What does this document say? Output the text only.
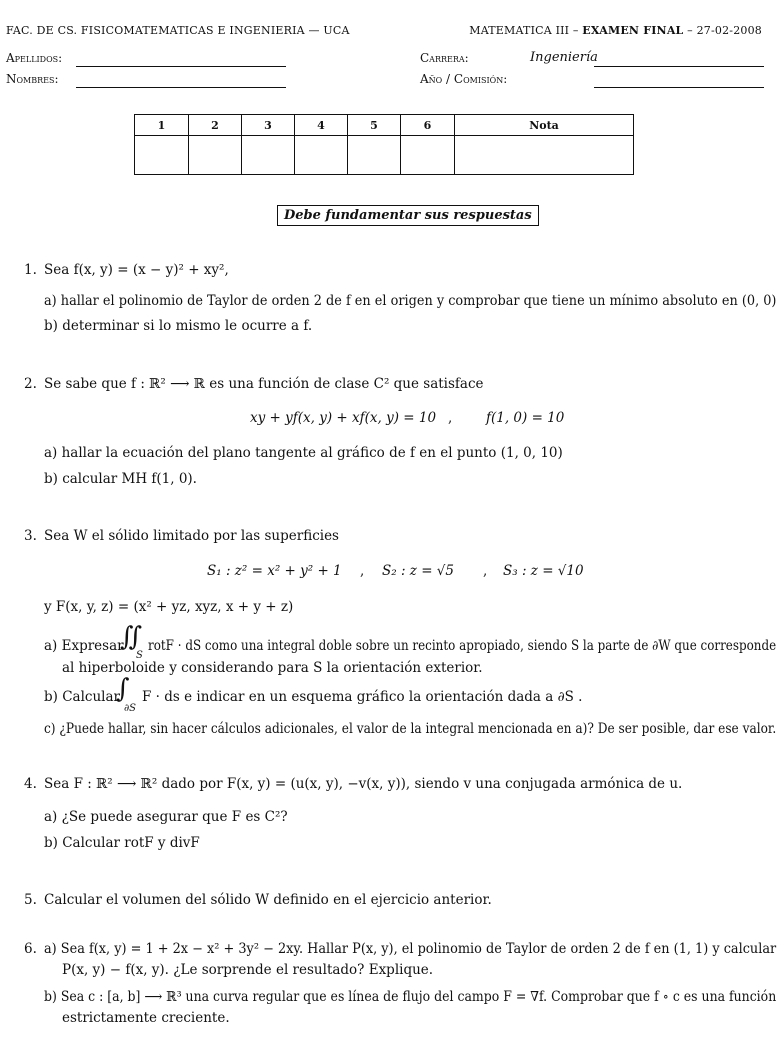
FAC. DE CS. FISICOMATEMATICAS E INGENIERIA — UCA	MATEMATICA III – EXAMEN FINAL – 27-02-2008
Apellidos:
Nombres:
Carrera:	Ingeniería
Año / Comisión:
1	2	3	4	5	6	Nota

Debe fundamentar sus respuestas
1. Sea f(x, y) = (x − y)² + xy²,
a) hallar el polinomio de Taylor de orden 2 de f en el origen y comprobar que tiene un mínimo absoluto en (0, 0)
b) determinar si lo mismo le ocurre a f.
2. Se sabe que f : ℝ² ⟶ ℝ es una función de clase C² que satisface
xy + yf(x, y) + xf(x, y) = 10 , f(1, 0) = 10
a) hallar la ecuación del plano tangente al gráfico de f en el punto (1, 0, 10)
b) calcular MH f(1, 0).
3. Sea W el sólido limitado por las superficies
S₁ : z² = x² + y² + 1 , S₂ : z = √5 , S₃ : z = √10
y F(x, y, z) = (x² + yz, xyz, x + y + z)
a) Expresar
∬
S
rotF · dS como una integral doble sobre un recinto apropiado, siendo S la parte de ∂W que corresponde
al hiperboloide y considerando para S la orientación exterior.
b) Calcular
∫
∂S
F · ds e indicar en un esquema gráfico la orientación dada a ∂S .
c) ¿Puede hallar, sin hacer cálculos adicionales, el valor de la integral mencionada en a)? De ser posible, dar ese valor.
4. Sea F : ℝ² ⟶ ℝ² dado por F(x, y) = (u(x, y), −v(x, y)), siendo v una conjugada armónica de u.
a) ¿Se puede asegurar que F es C²?
b) Calcular rotF y divF
5. Calcular el volumen del sólido W definido en el ejercicio anterior.
6. a) Sea f(x, y) = 1 + 2x − x² + 3y² − 2xy. Hallar P(x, y), el polinomio de Taylor de orden 2 de f en (1, 1) y calcular
P(x, y) − f(x, y). ¿Le sorprende el resultado? Explique.
b) Sea c : [a, b] ⟶ ℝ³ una curva regular que es línea de flujo del campo F = ∇f. Comprobar que f ∘ c es una función
estrictamente creciente.
